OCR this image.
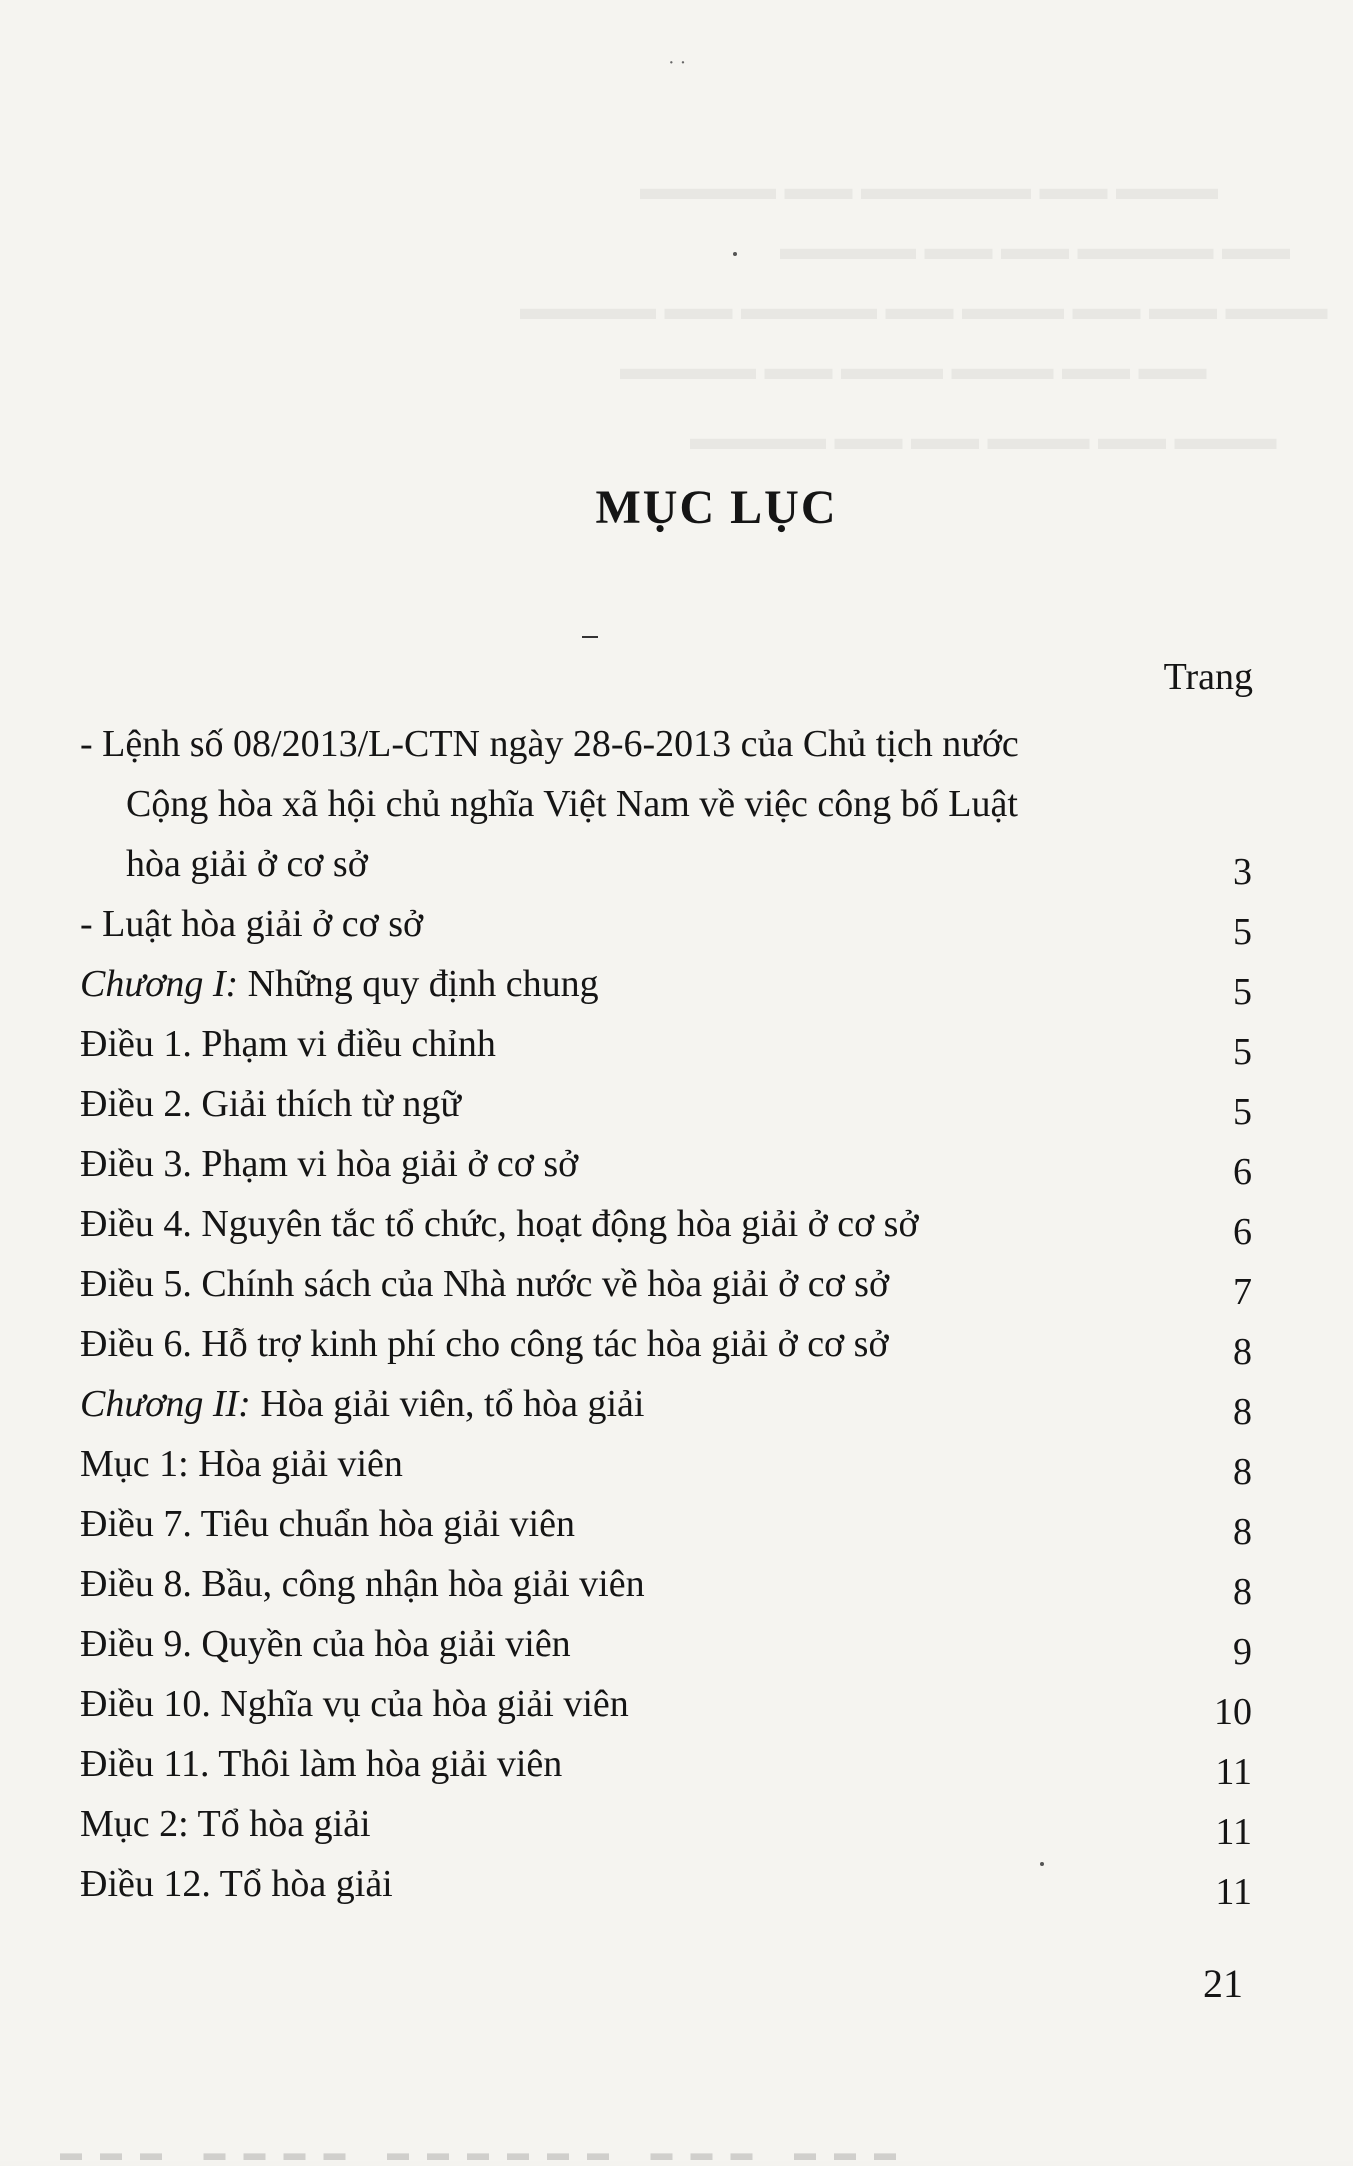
· ·
▬▬▬▬ ▬▬ ▬▬▬▬▬ ▬▬ ▬▬▬
▬▬▬▬ ▬▬ ▬▬ ▬▬▬▬ ▬▬
▬▬▬▬ ▬▬ ▬▬▬▬ ▬▬ ▬▬▬ ▬▬ ▬▬ ▬▬▬
▬▬▬▬ ▬▬ ▬▬▬ ▬▬▬ ▬▬ ▬▬
▬▬▬▬ ▬▬ ▬▬ ▬▬▬ ▬▬ ▬▬▬
MỤC LỤC
Trang
- Lệnh số 08/2013/L-CTN ngày 28-6-2013 của Chủ tịch nước
Cộng hòa xã hội chủ nghĩa Việt Nam về việc công bố Luật
hòa giải ở cơ sở	3
- Luật hòa giải ở cơ sở	5
Chương I: Những quy định chung	5
Điều 1. Phạm vi điều chỉnh	5
Điều 2. Giải thích từ ngữ	5
Điều 3. Phạm vi hòa giải ở cơ sở	6
Điều 4. Nguyên tắc tổ chức, hoạt động hòa giải ở cơ sở	6
Điều 5. Chính sách của Nhà nước về hòa giải ở cơ sở	7
Điều 6. Hỗ trợ kinh phí cho công tác hòa giải ở cơ sở	8
Chương II: Hòa giải viên, tổ hòa giải	8
Mục 1: Hòa giải viên	8
Điều 7. Tiêu chuẩn hòa giải viên	8
Điều 8. Bầu, công nhận hòa giải viên	8
Điều 9. Quyền của hòa giải viên	9
Điều 10. Nghĩa vụ của hòa giải viên	10
Điều 11. Thôi làm hòa giải viên	11
Mục 2: Tổ hòa giải	11
Điều 12. Tổ hòa giải	11
21
▬▬▬ ▬▬▬▬ ▬▬▬▬▬▬ ▬▬▬ ▬▬▬
